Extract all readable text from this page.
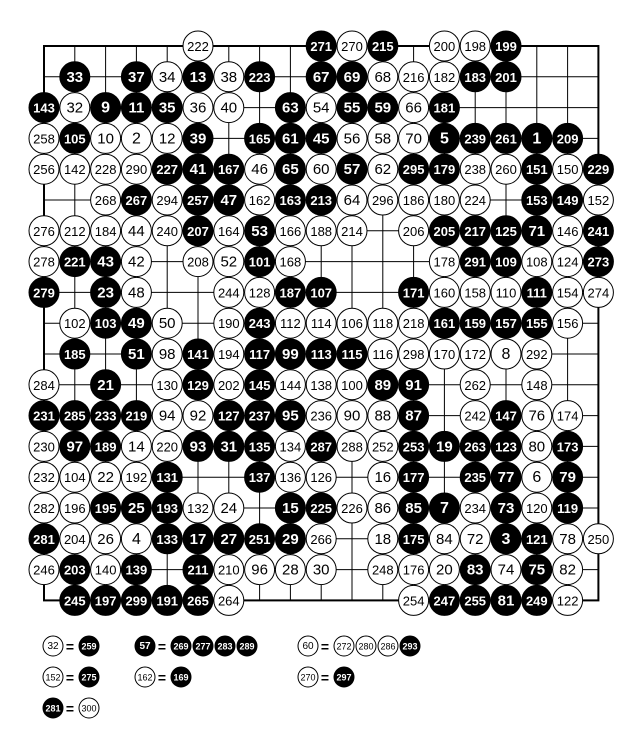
222	271 270 215	200 198 199
33	37 34 13 38 223	67 69 68 216 182 183 201
143 32 9 11 35 36 40	63 54 55 59 66 181
258 105 10 2 12 39	165 61 45 56 58 70 5 239 261 1 209
256 142 228 290 227 41 167 46 65 60 57 62 295 179 238 260 151 150 229
268 267 294 257 47 162 163 213 64 296 186 180 224	153 149 152
276 212 184 44 240 207 164 53 166 188 214	206 205 217 125 71 146 241
278 221 43 42	208 52 101 168	178 291 109 108 124 273
279	23 48	244 128 187 107	171 160 158 110 111 154 274
102 103 49 50	190 243 112 114 106 118 218 161 159 157 155 156
185	51 98 141 194 117 99 113 115 116 298 170 172 8 292
284	21	130 129 202 145 144 138 100 89 91	262	148
231 285 233 219 94 92 127 237 95 236 90 88 87	242 147 76 174
230 97 189 14 220 93 31 135 134 287 288 252 253 19 263 123 80 173
232 104 22 192 131	137 136 126	16 177	235 77 6 79
282 196 195 25 193 132 24	15 225 226 86 85 7 234 73 120 119
281 204 26 4 133 17 27 251 29 266	18 175 84 72 3 121 78 250
246 203 140 139	211 210 96 28 30	248 176 20 83 74 75 82
245 197 299 191 265 264	254 247 255 81 249 122
32 = 259	57 = 269 277 283 289	60 = 272 280 286 293
152 = 275	162 = 169	270 = 297
281 = 300
